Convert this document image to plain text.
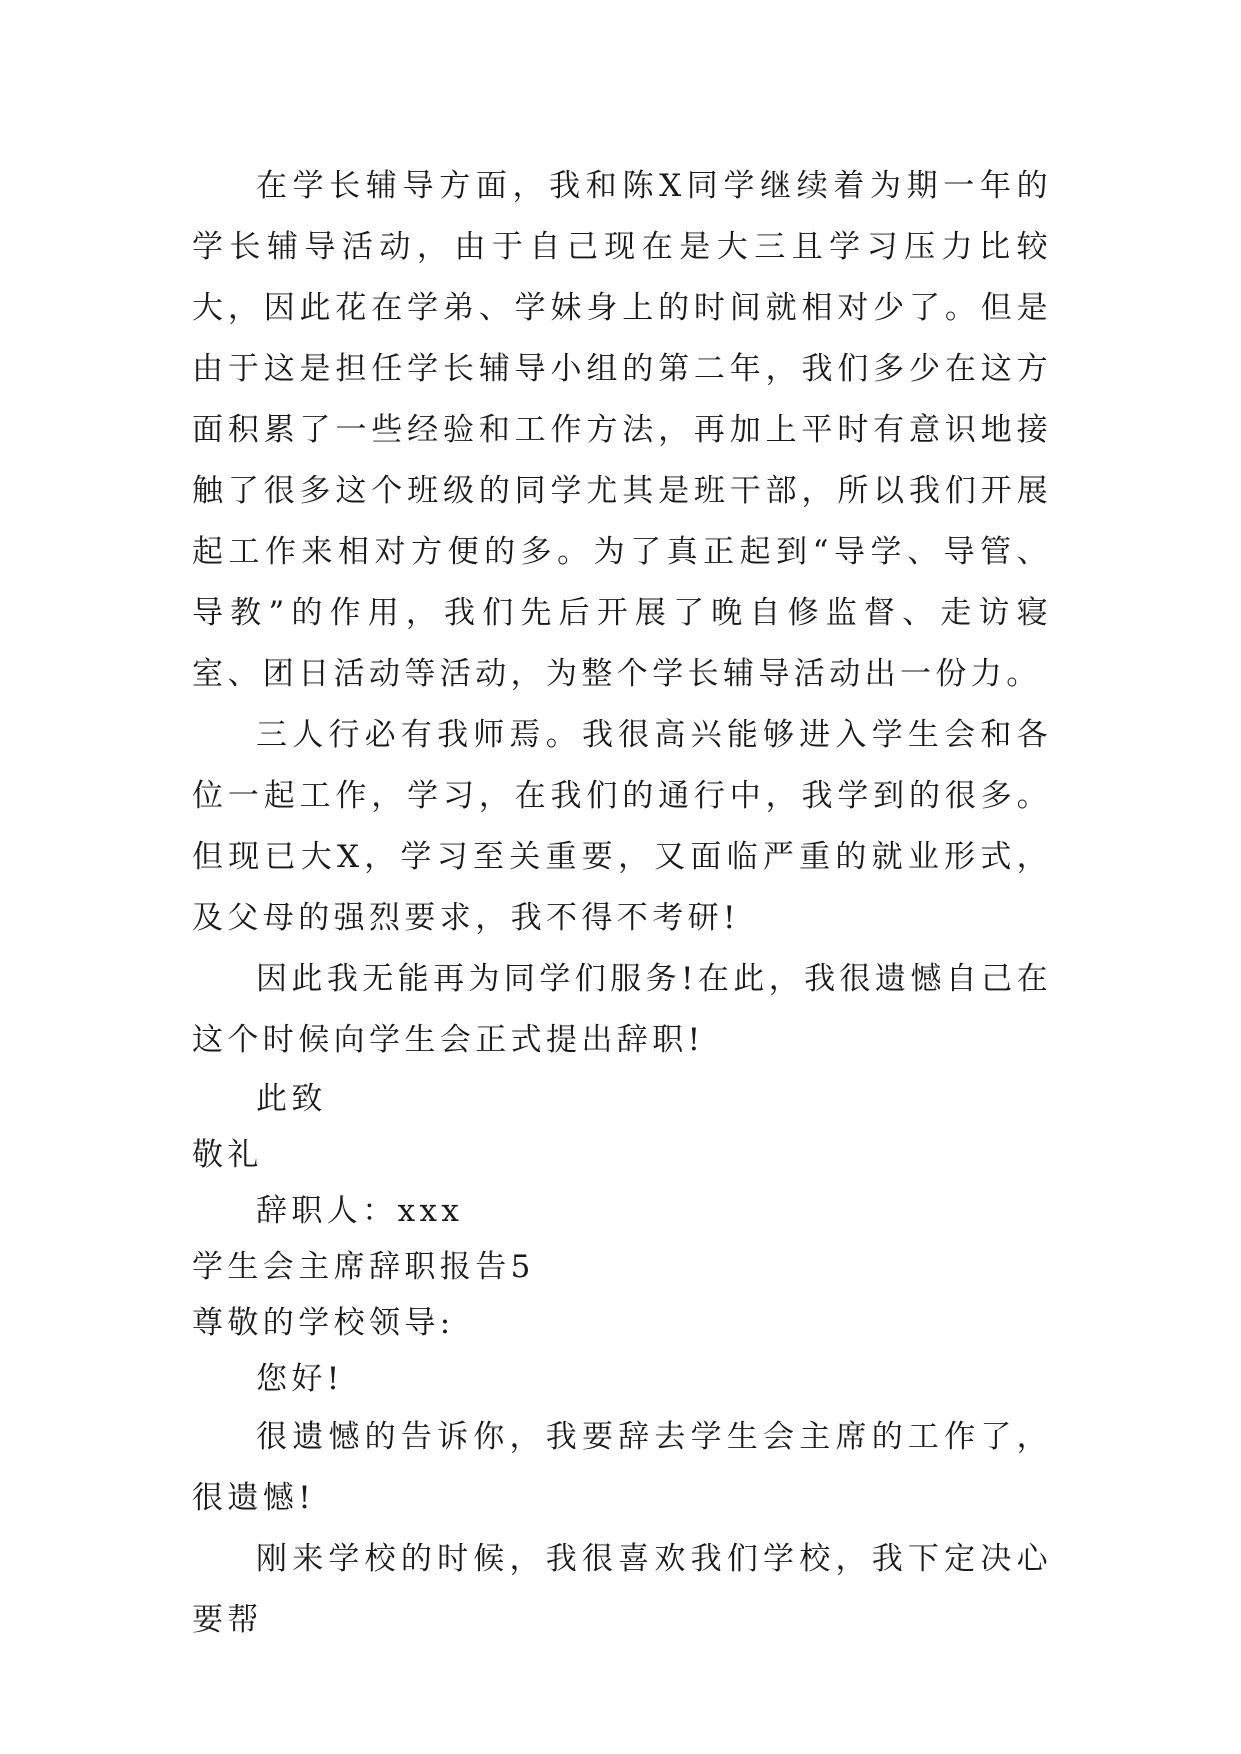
在学长辅导方面，我和陈X同学继续着为期一年的学长辅导活动，由于自己现在是大三且学习压力比较大，因此花在学弟、学妹身上的时间就相对少了。但是由于这是担任学长辅导小组的第二年，我们多少在这方面积累了一些经验和工作方法，再加上平时有意识地接触了很多这个班级的同学尤其是班干部，所以我们开展起工作来相对方便的多。为了真正起到“导学、导管、导教”的作用，我们先后开展了晚自修监督、走访寝室、团日活动等活动，为整个学长辅导活动出一份力。

三人行必有我师焉。我很高兴能够进入学生会和各位一起工作，学习，在我们的通行中，我学到的很多。但现已大X，学习至关重要，又面临严重的就业形式，及父母的强烈要求，我不得不考研!

因此我无能再为同学们服务!在此，我很遗憾自己在这个时候向学生会正式提出辞职!

此致

敬礼

辞职人：xxx

学生会主席辞职报告5

尊敬的学校领导:

您好!

很遗憾的告诉你，我要辞去学生会主席的工作了，很遗憾!

刚来学校的时候，我很喜欢我们学校，我下定决心要帮
